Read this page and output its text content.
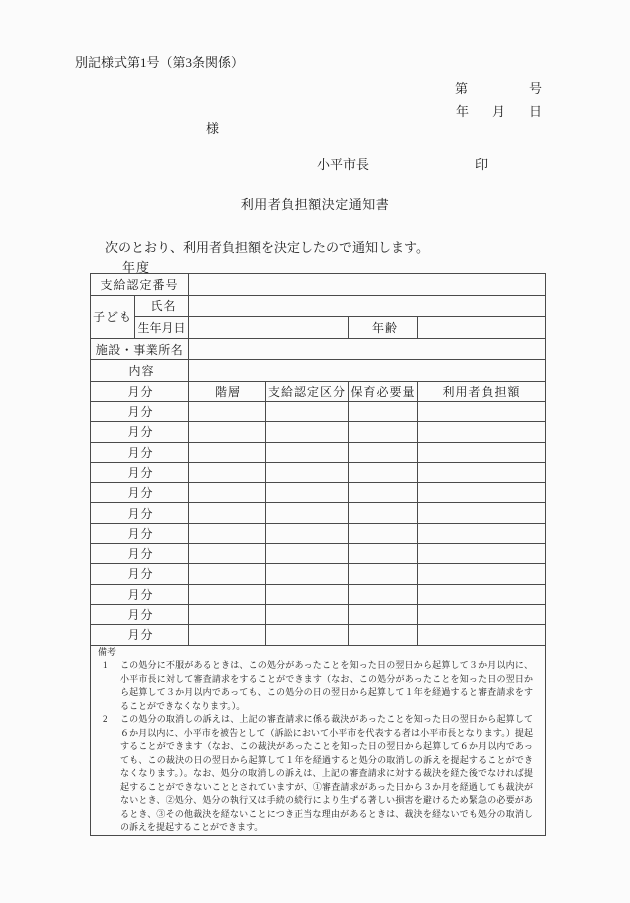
別記様式第1号（第3条関係）
第	号
年 月 日
様
小平市長	印
利用者負担額決定通知書
次のとおり、利用者負担額を決定したので通知します。
年度
支給認定番号					
子ども	氏名				
	生年月日			年齢	
施設・事業所名					
内容					
月分		階層	支給認定区分	保育必要量	利用者負担額
月分					
月分					
月分					
月分					
月分					
月分					
月分					
月分					
月分					
月分					
月分					
月分					

備考
1 この処分に不服があるときは、この処分があったことを知った日の翌日から起算して３か月以内に、小平市長に対して審査請求をすることができます（なお、この処分があったことを知った日の翌日から起算して３か月以内であっても、この処分の日の翌日から起算して１年を経過すると審査請求をすることができなくなります。）。
2 この処分の取消しの訴えは、上記の審査請求に係る裁決があったことを知った日の翌日から起算して６か月以内に、小平市を被告として（訴訟において小平市を代表する者は小平市長となります。）提起することができます（なお、この裁決があったことを知った日の翌日から起算して６か月以内であっても、この裁決の日の翌日から起算して１年を経過すると処分の取消しの訴えを提起することができなくなります。）。なお、処分の取消しの訴えは、上記の審査請求に対する裁決を経た後でなければ提起することができないこととされていますが、①審査請求があった日から３か月を経過しても裁決がないとき、②処分、処分の執行又は手続の続行により生ずる著しい損害を避けるため緊急の必要があるとき、③その他裁決を経ないことにつき正当な理由があるときは、裁決を経ないでも処分の取消しの訴えを提起することができます。					
